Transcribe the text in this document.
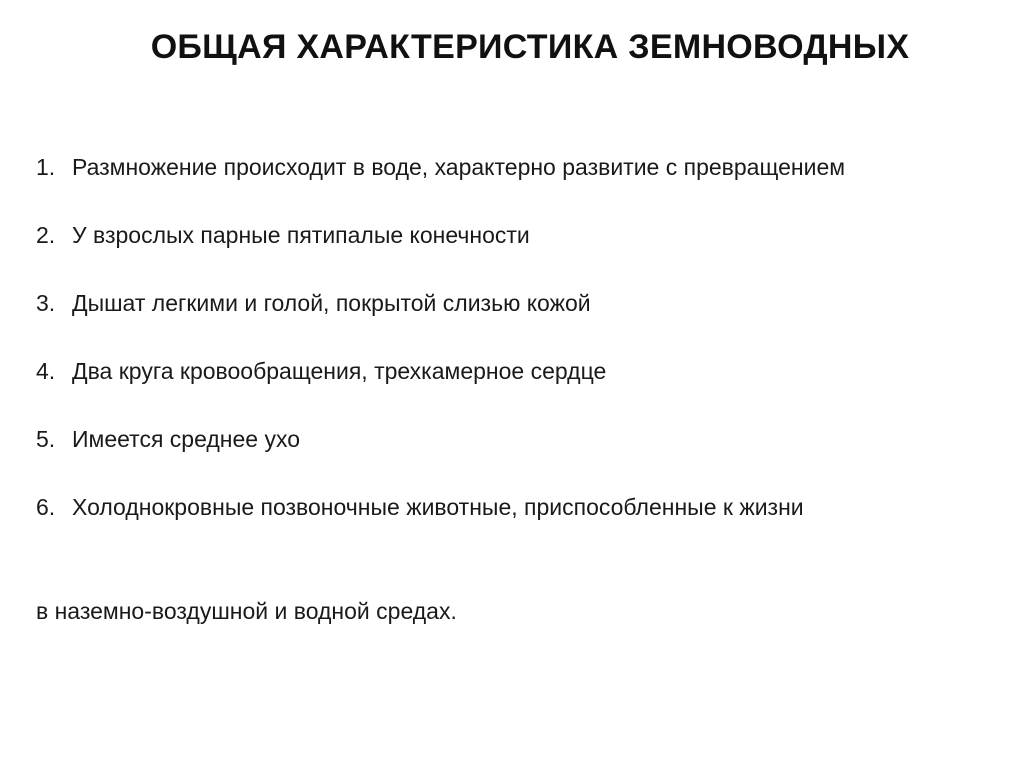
ОБЩАЯ ХАРАКТЕРИСТИКА ЗЕМНОВОДНЫХ
1. Размножение происходит в воде, характерно развитие с превращением
2. У взрослых парные пятипалые конечности
3. Дышат легкими и голой, покрытой слизью кожой
4. Два круга кровообращения, трехкамерное сердце
5. Имеется среднее ухо
6. Холоднокровные позвоночные животные, приспособленные к жизни

в наземно-воздушной и водной средах.
